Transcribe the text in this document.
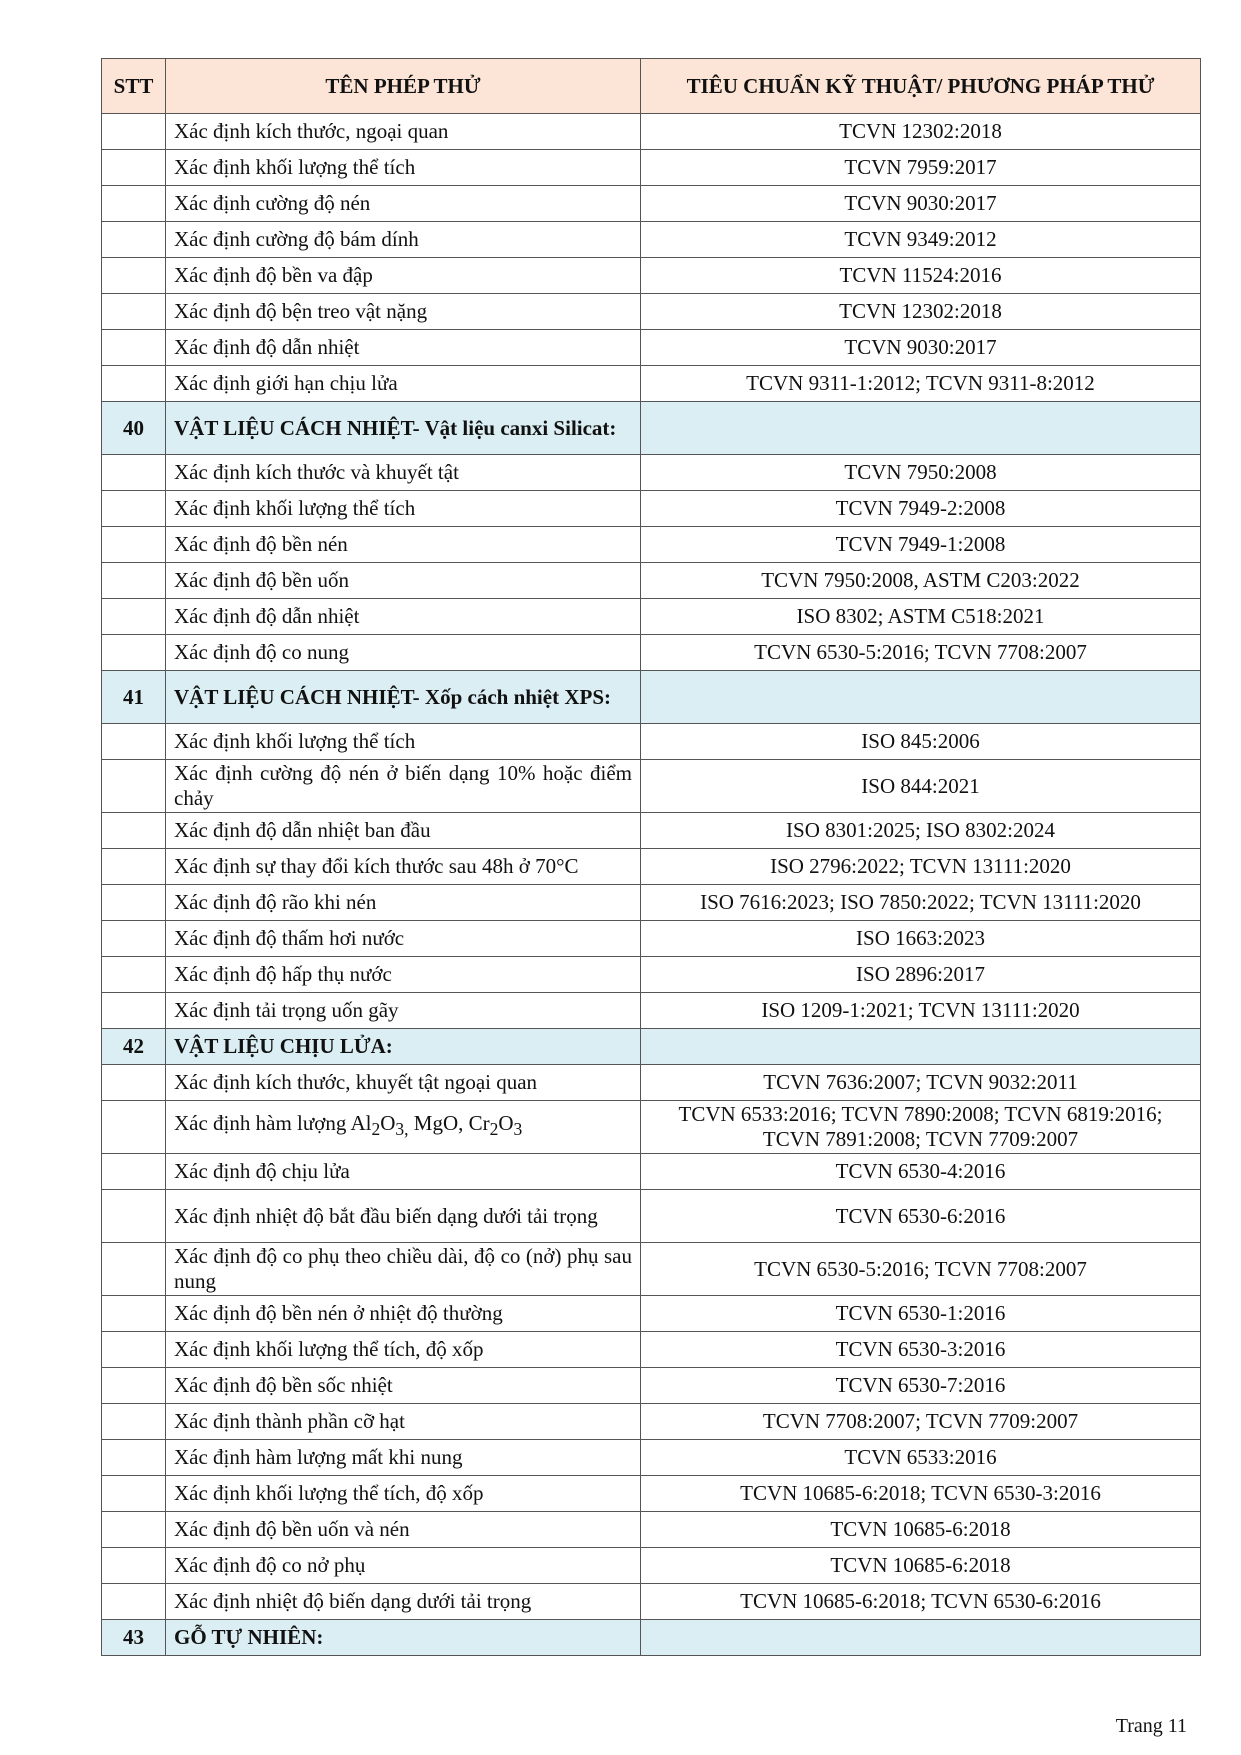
STT	TÊN PHÉP THỬ	TIÊU CHUẨN KỸ THUẬT/ PHƯƠNG PHÁP THỬ
	Xác định kích thước, ngoại quan	TCVN 12302:2018
	Xác định khối lượng thể tích	TCVN 7959:2017
	Xác định cường độ nén	TCVN 9030:2017
	Xác định cường độ bám dính	TCVN 9349:2012
	Xác định độ bền va đập	TCVN 11524:2016
	Xác định độ bện treo vật nặng	TCVN 12302:2018
	Xác định độ dẫn nhiệt	TCVN 9030:2017
	Xác định giới hạn chịu lửa	TCVN 9311-1:2012; TCVN 9311-8:2012
40	VẬT LIỆU CÁCH NHIỆT- Vật liệu canxi Silicat:	
	Xác định kích thước và khuyết tật	TCVN 7950:2008
	Xác định khối lượng thể tích	TCVN 7949-2:2008
	Xác định độ bền nén	TCVN 7949-1:2008
	Xác định độ bền uốn	TCVN 7950:2008, ASTM C203:2022
	Xác định độ dẫn nhiệt	ISO 8302; ASTM C518:2021
	Xác định độ co nung	TCVN 6530-5:2016; TCVN 7708:2007
41	VẬT LIỆU CÁCH NHIỆT- Xốp cách nhiệt XPS:	
	Xác định khối lượng thể tích	ISO 845:2006
	Xác định cường độ nén ở biến dạng 10% hoặc điểm chảy	ISO 844:2021
	Xác định độ dẫn nhiệt ban đầu	ISO 8301:2025; ISO 8302:2024
	Xác định sự thay đổi kích thước sau 48h ở 70°C	ISO 2796:2022; TCVN 13111:2020
	Xác định độ rão khi nén	ISO 7616:2023; ISO 7850:2022; TCVN 13111:2020
	Xác định độ thấm hơi nước	ISO 1663:2023
	Xác định độ hấp thụ nước	ISO 2896:2017
	Xác định tải trọng uốn gãy	ISO 1209-1:2021; TCVN 13111:2020
42	VẬT LIỆU CHỊU LỬA:	
	Xác định kích thước, khuyết tật ngoại quan	TCVN 7636:2007; TCVN 9032:2011
	Xác định hàm lượng $Al_2O_{3,}$ MgO, $Cr_2O_3$	TCVN 6533:2016; TCVN 7890:2008; TCVN 6819:2016; TCVN 7891:2008; TCVN 7709:2007
	Xác định độ chịu lửa	TCVN 6530-4:2016
	Xác định nhiệt độ bắt đầu biến dạng dưới tải trọng	TCVN 6530-6:2016
	Xác định độ co phụ theo chiều dài, độ co (nở) phụ sau nung	TCVN 6530-5:2016; TCVN 7708:2007
	Xác định độ bền nén ở nhiệt độ thường	TCVN 6530-1:2016
	Xác định khối lượng thể tích, độ xốp	TCVN 6530-3:2016
	Xác định độ bền sốc nhiệt	TCVN 6530-7:2016
	Xác định thành phần cỡ hạt	TCVN 7708:2007; TCVN 7709:2007
	Xác định hàm lượng mất khi nung	TCVN 6533:2016
	Xác định khối lượng thể tích, độ xốp	TCVN 10685-6:2018; TCVN 6530-3:2016
	Xác định độ bền uốn và nén	TCVN 10685-6:2018
	Xác định độ co nở phụ	TCVN 10685-6:2018
	Xác định nhiệt độ biến dạng dưới tải trọng	TCVN 10685-6:2018; TCVN 6530-6:2016
43	GỖ TỰ NHIÊN:	
Trang 11
